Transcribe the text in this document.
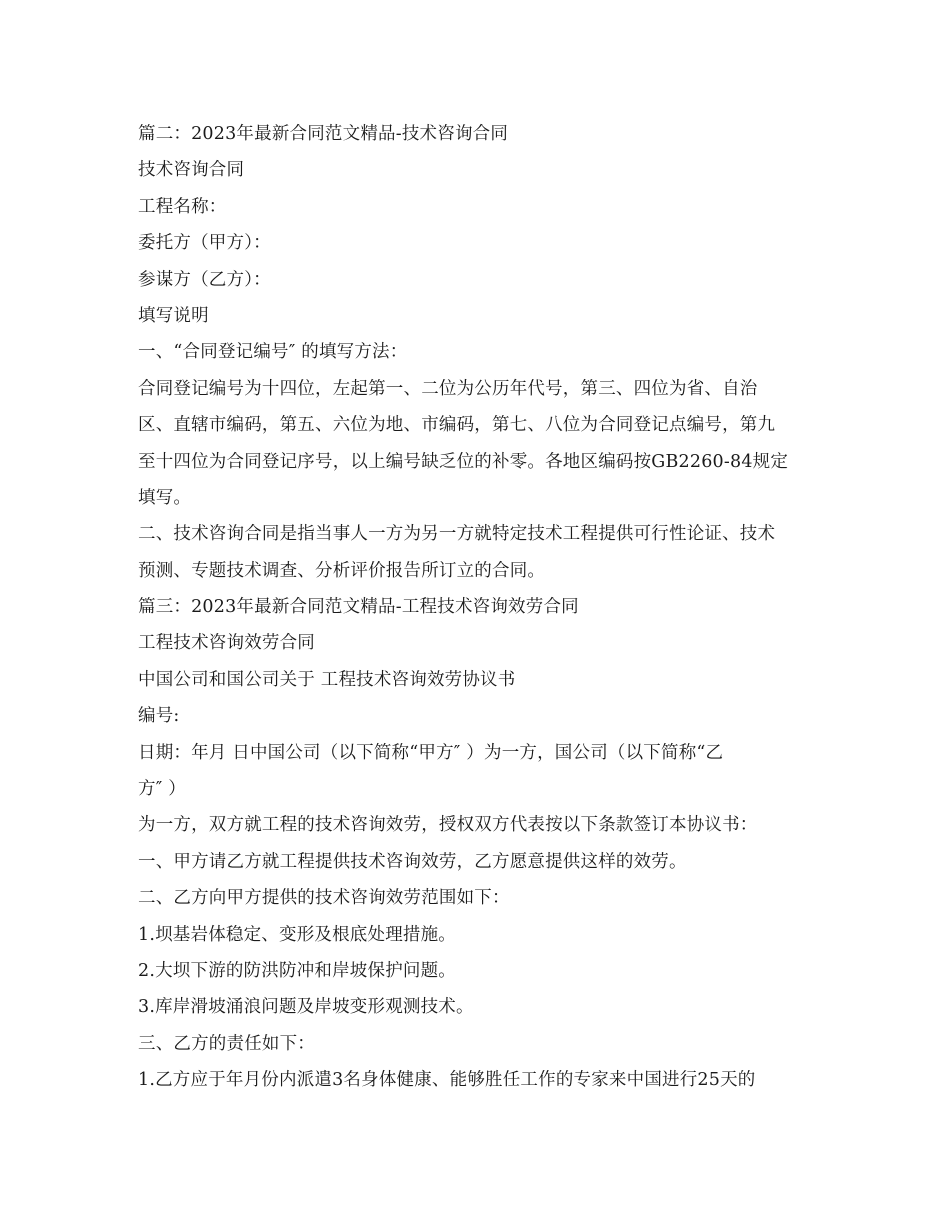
篇二：2023年最新合同范文精品-技术咨询合同
技术咨询合同
工程名称：
委托方（甲方）：
参谋方（乙方）：
填写说明
一、“合同登记编号″ 的填写方法：
合同登记编号为十四位，左起第一、二位为公历年代号，第三、四位为省、自治
区、直辖市编码，第五、六位为地、市编码，第七、八位为合同登记点编号，第九
至十四位为合同登记序号，以上编号缺乏位的补零。各地区编码按GB2260-84规定
填写。
二、技术咨询合同是指当事人一方为另一方就特定技术工程提供可行性论证、技术
预测、专题技术调查、分析评价报告所订立的合同。
篇三：2023年最新合同范文精品-工程技术咨询效劳合同
工程技术咨询效劳合同
中国公司和国公司关于 工程技术咨询效劳协议书
编号:
日期：年月 日中国公司（以下简称“甲方″ ）为一方，国公司（以下简称“乙
方″ ）
为一方，双方就工程的技术咨询效劳，授权双方代表按以下条款签订本协议书：
一、甲方请乙方就工程提供技术咨询效劳，乙方愿意提供这样的效劳。
二、乙方向甲方提供的技术咨询效劳范围如下：
1.坝基岩体稳定、变形及根底处理措施。
2.大坝下游的防洪防冲和岸坡保护问题。
3.库岸滑坡涌浪问题及岸坡变形观测技术。
三、乙方的责任如下：
1.乙方应于年月份内派遣3名身体健康、能够胜任工作的专家来中国进行25天的
